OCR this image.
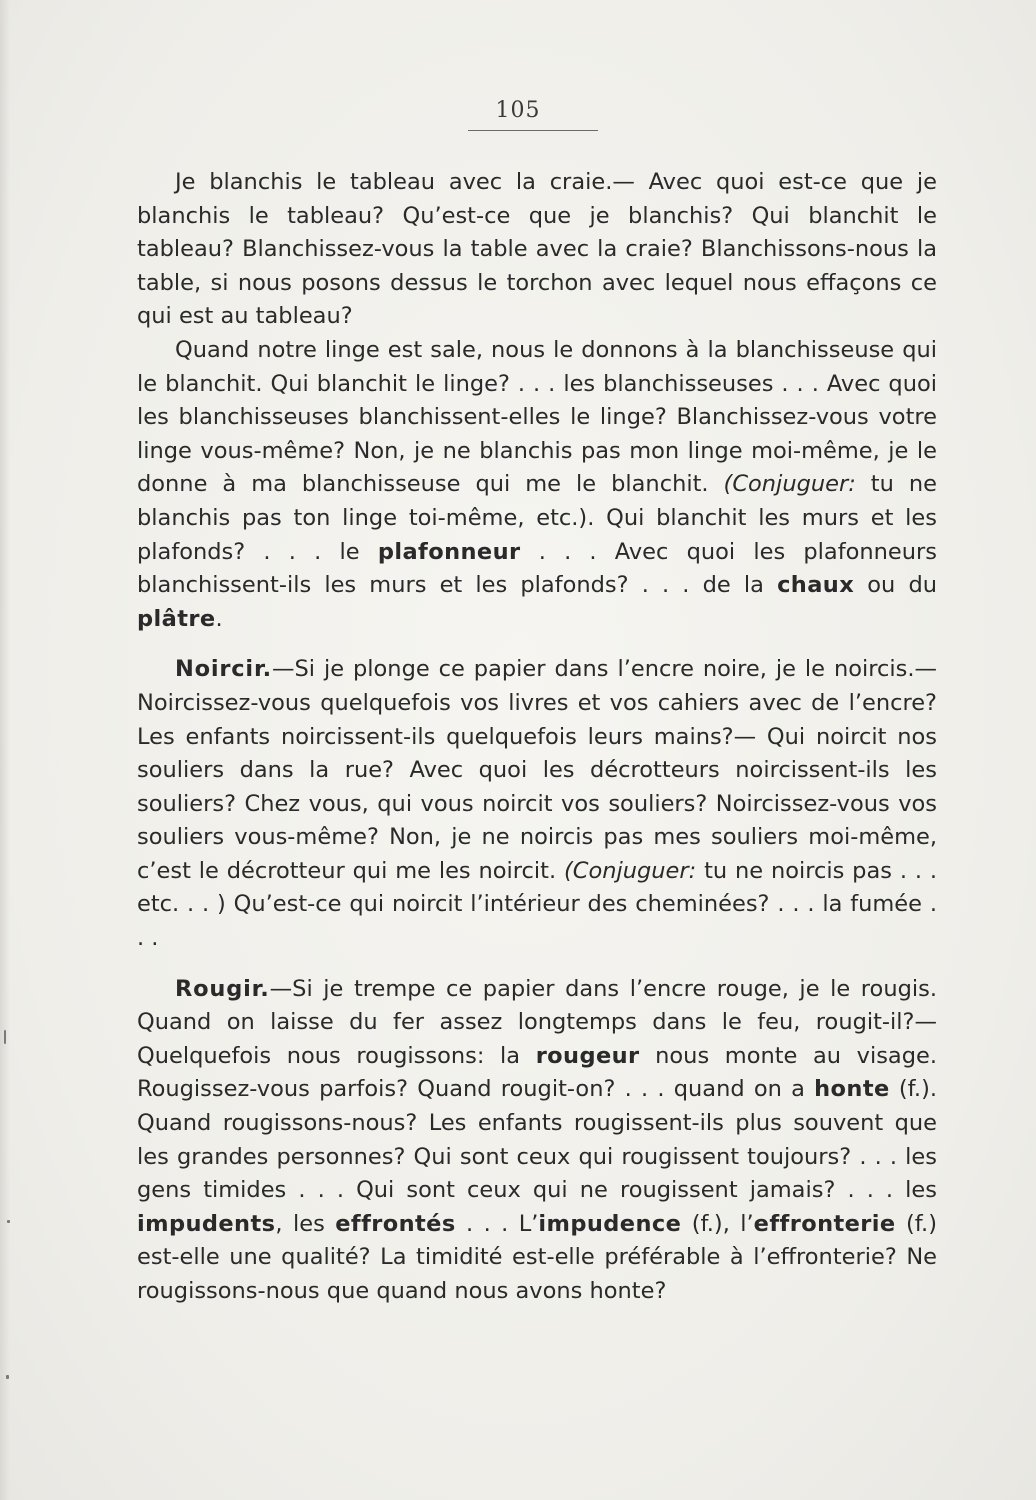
105

Je blanchis le tableau avec la craie.— Avec quoi est-ce que je blanchis le tableau? Qu’est-ce que je blanchis? Qui blanchit le tableau? Blanchissez-vous la table avec la craie? Blanchissons-nous la table, si nous posons dessus le torchon avec lequel nous effaçons ce qui est au tableau?

Quand notre linge est sale, nous le donnons à la blanchisseuse qui le blanchit. Qui blanchit le linge? . . . les blanchisseuses . . . Avec quoi les blanchisseuses blanchissent-elles le linge? Blanchissez-vous votre linge vous-même? Non, je ne blanchis pas mon linge moi-même, je le donne à ma blanchisseuse qui me le blanchit. (Conjuguer: tu ne blanchis pas ton linge toi-même, etc.). Qui blanchit les murs et les plafonds? . . . le plafonneur . . . Avec quoi les plafonneurs blanchissent-ils les murs et les plafonds? . . . de la chaux ou du plâtre.

Noircir.—Si je plonge ce papier dans l’encre noire, je le noircis.— Noircissez-vous quelquefois vos livres et vos cahiers avec de l’encre? Les enfants noircissent-ils quelquefois leurs mains?— Qui noircit nos souliers dans la rue? Avec quoi les décrotteurs noircissent-ils les souliers? Chez vous, qui vous noircit vos souliers? Noircissez-vous vos souliers vous-même? Non, je ne noircis pas mes souliers moi-même, c’est le décrotteur qui me les noircit. (Conjuguer: tu ne noircis pas . . . etc. . . ) Qu’est-ce qui noircit l’intérieur des cheminées? . . . la fumée . . .

Rougir.—Si je trempe ce papier dans l’encre rouge, je le rougis. Quand on laisse du fer assez longtemps dans le feu, rougit-il?—Quelquefois nous rougissons: la rougeur nous monte au visage. Rougissez-vous parfois? Quand rougit-on? . . . quand on a honte (f.). Quand rougissons-nous? Les enfants rougissent-ils plus souvent que les grandes personnes? Qui sont ceux qui rougissent toujours? . . . les gens timides . . . Qui sont ceux qui ne rougissent jamais? . . . les impudents, les effrontés . . . L’impudence (f.), l’effronterie (f.) est-elle une qualité? La timidité est-elle préférable à l’effronterie? Ne rougissons-nous que quand nous avons honte?
